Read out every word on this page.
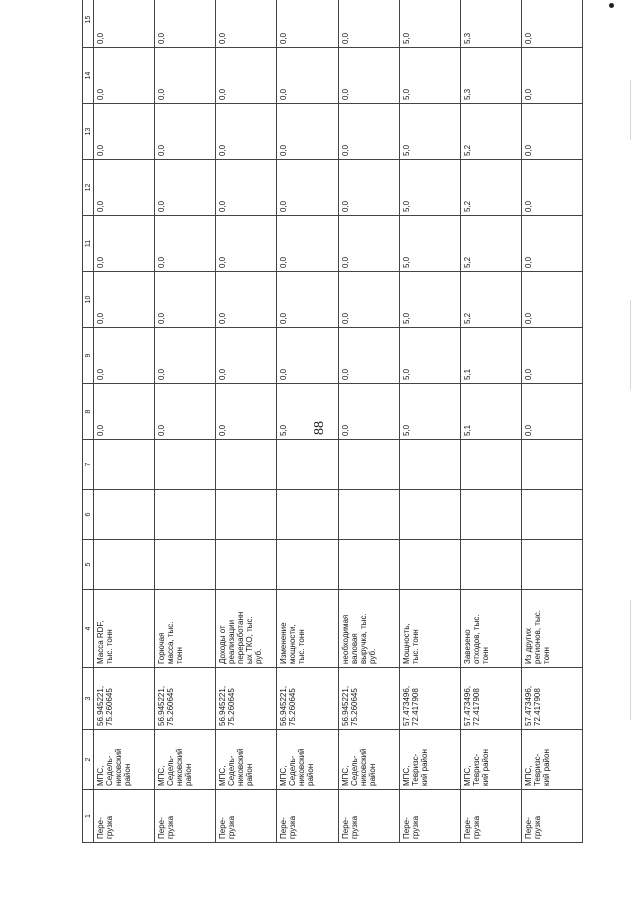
88
1	2	3	4	5	6	7	8	9	10	11	12	13	14	15
Пере-
грузка	МПС,
Седель-
никовский
район	56.945221,
75.260645	Масса RDF,
тыс. тонн				0,0	0,0	0,0	0,0	0,0	0,0	0,0	0,0
Пере-
грузка	МПС,
Седель-
никовский
район	56.945221,
75.260645	Горючая
масса, тыс.
тонн				0,0	0,0	0,0	0,0	0,0	0,0	0,0	0,0
Пере-
грузка	МПС,
Седель-
никовский
район	56.945221,
75.260645	Доходы от
реализации
переработанн
ых ТКО, тыс.
руб.				0,0	0,0	0,0	0,0	0,0	0,0	0,0	0,0
Пере-
грузка	МПС,
Седель-
никовский
район	56.945221,
75.260645	Изменение
мощности,
тыс. тонн				5,0	0,0	0,0	0,0	0,0	0,0	0,0	0,0
Пере-
грузка	МПС,
Седель-
никовский
район	56.945221,
75.260645	необходимая
валовая
выручка, тыс.
руб.				0,0	0,0	0,0	0,0	0,0	0,0	0,0	0,0
Пере-
грузка	МПС,
Тевризс-
кий район	57.473496,
72.417908	Мощность,
тыс. тонн				5,0	5,0	5,0	5,0	5,0	5,0	5,0	5,0
Пере-
грузка	МПС,
Тевризс-
кий район	57.473496,
72.417908	Завезено
отходов, тыс.
тонн				5,1	5,1	5,2	5,2	5,2	5,2	5,3	5,3
Пере-
грузка	МПС,
Тевризс-
кий район	57.473496,
72.417908	Из других
регионов, тыс.
тонн				0,0	0,0	0,0	0,0	0,0	0,0	0,0	0,0
